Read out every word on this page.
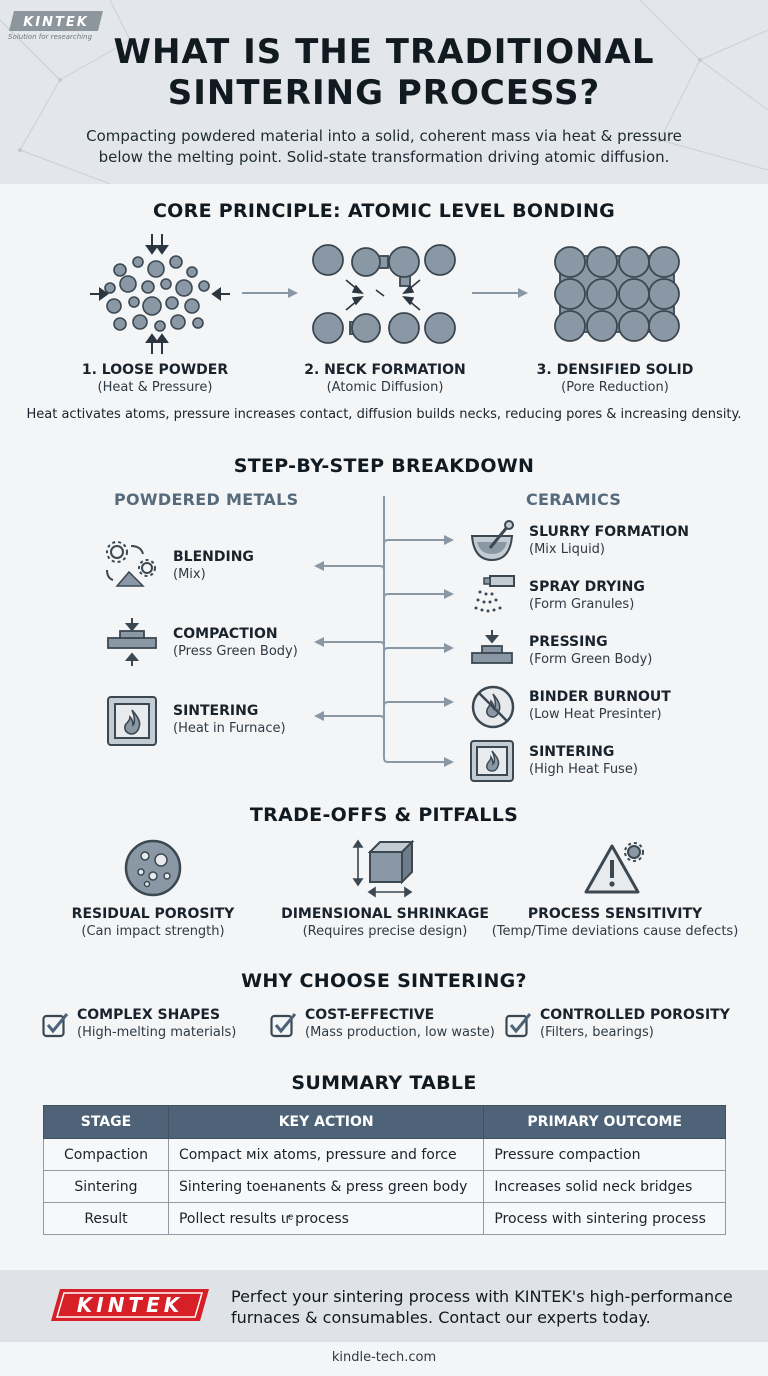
KINTEK
Solution for researching WHAT IS THE TRADITIONAL
SINTERING PROCESS?
Compacting powdered material into a solid, coherent mass via heat & pressure
below the melting point. Solid-state transformation driving atomic diffusion.
CORE PRINCIPLE: ATOMIC LEVEL BONDING
1. LOOSE POWDER
(Heat & Pressure)
2. NECK FORMATION
(Atomic Diffusion)
3. DENSIFIED SOLID
(Pore Reduction)
Heat activates atoms, pressure increases contact, diffusion builds necks, reducing pores & increasing density.
STEP-BY-STEP BREAKDOWN
POWDERED METALS	CERAMICS
BLENDING
(Mix)
COMPACTION
(Press Green Body)
SINTERING
(Heat in Furnace)
SLURRY FORMATION
(Mix Liquid)
SPRAY DRYING
(Form Granules)
PRESSING
(Form Green Body)
BINDER BURNOUT
(Low Heat Presinter)
SINTERING
(High Heat Fuse)
TRADE-OFFS & PITFALLS
RESIDUAL POROSITY
(Can impact strength)
DIMENSIONAL SHRINKAGE
(Requires precise design)
PROCESS SENSITIVITY
(Temp/Time deviations cause defects)
WHY CHOOSE SINTERING?
COMPLEX SHAPES
(High-melting materials)
COST-EFFECTIVE
(Mass production, low waste)
CONTROLLED POROSITY
(Filters, bearings)
SUMMARY TABLE
STAGE	KEY ACTION	PRIMARY OUTCOME
Compaction	Compact ᴍix atoms, pressure and force	Pressure compaction
Sintering	Sintering toенanents & press green body	Increases solid neck bridges
Result	Pollect results ιгͤ process	Process with sintering process
KINTEK	Perfect your sintering process with KINTEK's high-performance
furnaces & consumables. Contact our experts today.
kindle-tech.com
